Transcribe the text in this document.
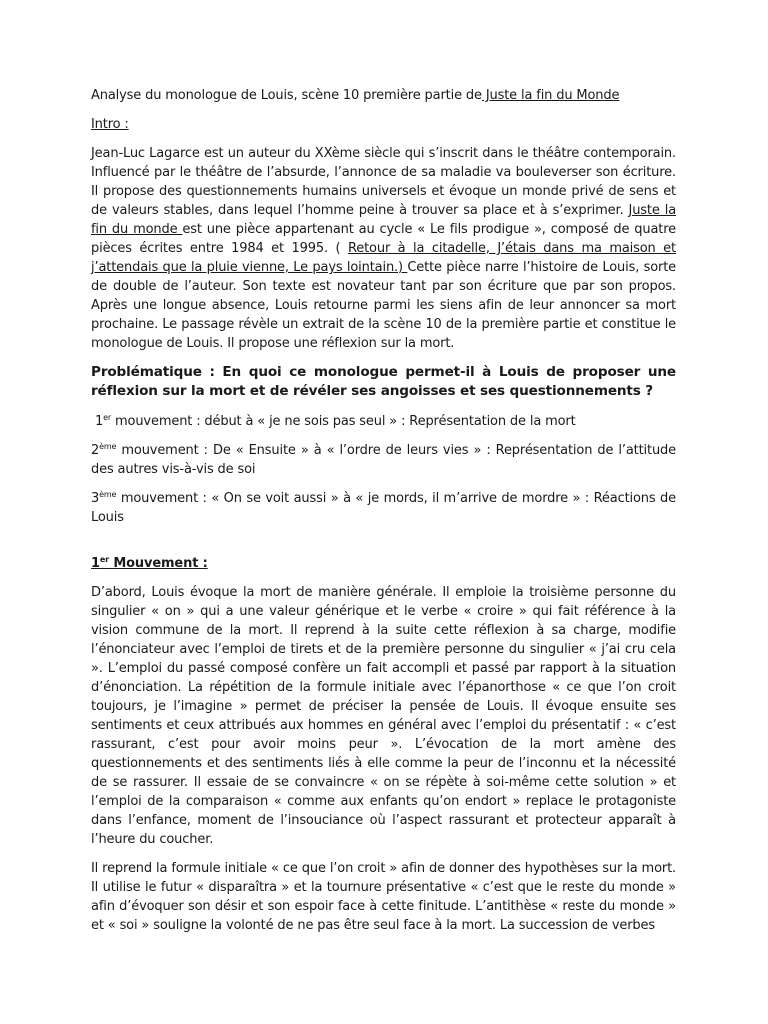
Analyse du monologue de Louis, scène 10 première partie de Juste la fin du Monde

Intro :

Jean-Luc Lagarce est un auteur du XXème siècle qui s’inscrit dans le théâtre contemporain. Influencé par le théâtre de l’absurde, l’annonce de sa maladie va bouleverser son écriture. Il propose des questionnements humains universels et évoque un monde privé de sens et de valeurs stables, dans lequel l’homme peine à trouver sa place et à s’exprimer. Juste la fin du monde est une pièce appartenant au cycle « Le fils prodigue », composé de quatre pièces écrites entre 1984 et 1995. ( Retour à la citadelle, J’étais dans ma maison et j’attendais que la pluie vienne, Le pays lointain.) Cette pièce narre l’histoire de Louis, sorte de double de l’auteur. Son texte est novateur tant par son écriture que par son propos. Après une longue absence, Louis retourne parmi les siens afin de leur annoncer sa mort prochaine. Le passage révèle un extrait de la scène 10 de la première partie et constitue le monologue de Louis. Il propose une réflexion sur la mort.

Problématique : En quoi ce monologue permet-il à Louis de proposer une réflexion sur la mort et de révéler ses angoisses et ses questionnements ?

1er mouvement : début à « je ne sois pas seul » : Représentation de la mort

2ème mouvement : De « Ensuite » à « l’ordre de leurs vies » : Représentation de l’attitude des autres vis-à-vis de soi

3ème mouvement : « On se voit aussi » à « je mords, il m’arrive de mordre » : Réactions de Louis

1er Mouvement :

D’abord, Louis évoque la mort de manière générale. Il emploie la troisième personne du singulier « on » qui a une valeur générique et le verbe « croire » qui fait référence à la vision commune de la mort. Il reprend à la suite cette réflexion à sa charge, modifie l’énonciateur avec l’emploi de tirets et de la première personne du singulier « j’ai cru cela ». L’emploi du passé composé confère un fait accompli et passé par rapport à la situation d’énonciation. La répétition de la formule initiale avec l’épanorthose « ce que l’on croit toujours, je l’imagine » permet de préciser la pensée de Louis. Il évoque ensuite ses sentiments et ceux attribués aux hommes en général avec l’emploi du présentatif : « c’est rassurant, c’est pour avoir moins peur ». L’évocation de la mort amène des questionnements et des sentiments liés à elle comme la peur de l’inconnu et la nécessité de se rassurer. Il essaie de se convaincre « on se répète à soi-même cette solution » et l’emploi de la comparaison « comme aux enfants qu’on endort » replace le protagoniste dans l’enfance, moment de l’insouciance où l’aspect rassurant et protecteur apparaît à l’heure du coucher.

Il reprend la formule initiale « ce que l’on croit » afin de donner des hypothèses sur la mort. Il utilise le futur « disparaîtra » et la tournure présentative « c’est que le reste du monde » afin d’évoquer son désir et son espoir face à cette finitude. L’antithèse « reste du monde » et « soi » souligne la volonté de ne pas être seul face à la mort. La succession de verbes
